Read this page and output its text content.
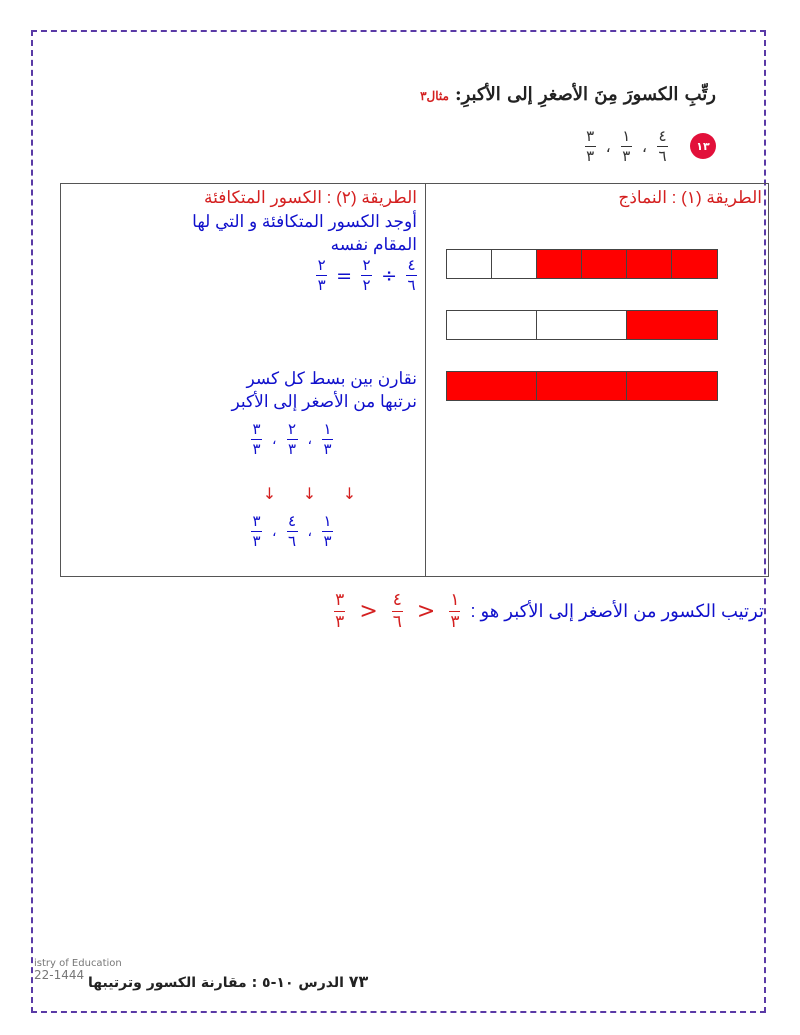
رتِّبِ الكسورَ مِنَ الأصغرِ إلى الأكبرِ:مثال٣
$\frac{٣}{٣}$ ، $\frac{١}{٣}$ ، $\frac{٤}{٦}$	١٣
الطريقة (١) : النماذج
الطريقة (٢) : الكسور المتكافئة
أوجد الكسور المتكافئة و التي لها
المقام نفسه
$\frac{٢}{٣} = \frac{٢}{٢} \div \frac{٤}{٦}$
نقارن بين بسط كل كسر
نرتبها من الأصغر إلى الأكبر
$\frac{٣}{٣}$ ، $\frac{٢}{٣}$ ، $\frac{١}{٣}$
↓	↓	↓
$\frac{٣}{٣}$ ، $\frac{٤}{٦}$ ، $\frac{١}{٣}$
$\frac{٣}{٣} > \frac{٤}{٦} > \frac{١}{٣}$ ترتيب الكسور من الأصغر إلى الأكبر هو :
istry of Education
22-1444	٧٣ الدرس ١٠-٥ : مقارنة الكسور وترتيبها
